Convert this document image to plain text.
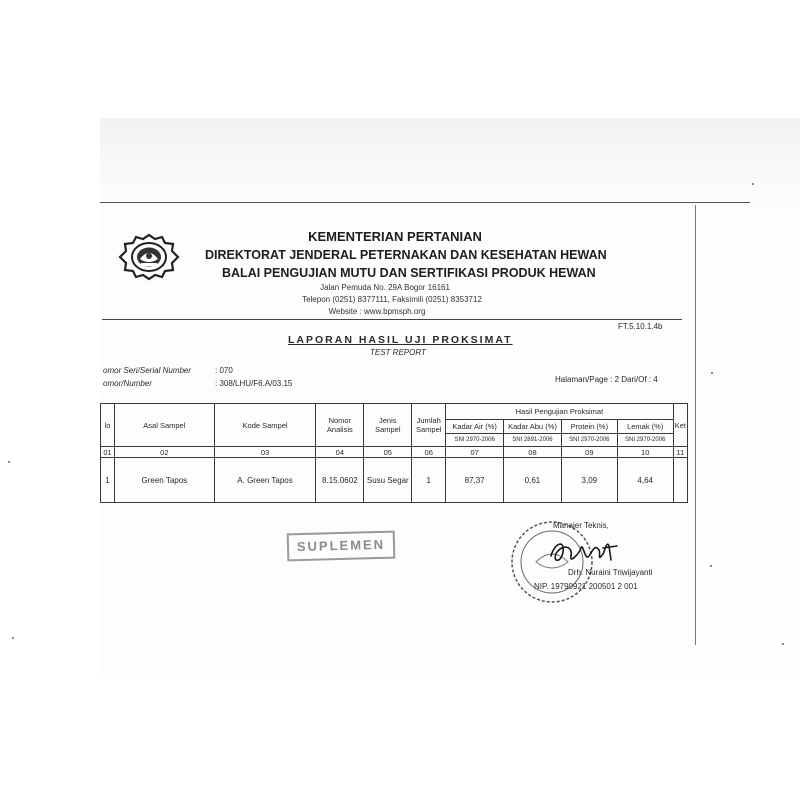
KEMENTERIAN PERTANIAN
DIREKTORAT JENDERAL PETERNAKAN DAN KESEHATAN HEWAN
BALAI PENGUJIAN MUTU DAN SERTIFIKASI PRODUK HEWAN
Jalan Pemuda No. 29A Bogor 16161
Telepon (0251) 8377111, Faksimili (0251) 8353712
Website : www.bpmsph.org
FT.5.10.1.4b
LAPORAN HASIL UJI PROKSIMAT
TEST REPORT
omor Seri/Serial Number	: 070
omor/Number	: 308/LHU/F6.A/03.15	Halaman/Page : 2 Dari/Of : 4
lo	Asal Sampel	Kode Sampel	Nomor Analisis	Jenis Sampel	Jumlah Sampel	Hasil Pengujian Proksimat				Ket
						Kadar Air (%)	Kadar Abu (%)	Protein (%)	Lemak (%)	

						SNI 2970-2006	SNI 2891-2006	SNI 2970-2006	SNI 2970-2006	

01	02	03	04	05	06	07	08	09	10	11
1	Green Tapos	A. Green Tapos	8.15.0602	Susu Segar	1	87,37	0,61	3,09	4,64	
SUPLEMEN
Manajer Teknis,
Drh. Nuraini Triwijayanti
NIP. 19790921 200501 2 001
